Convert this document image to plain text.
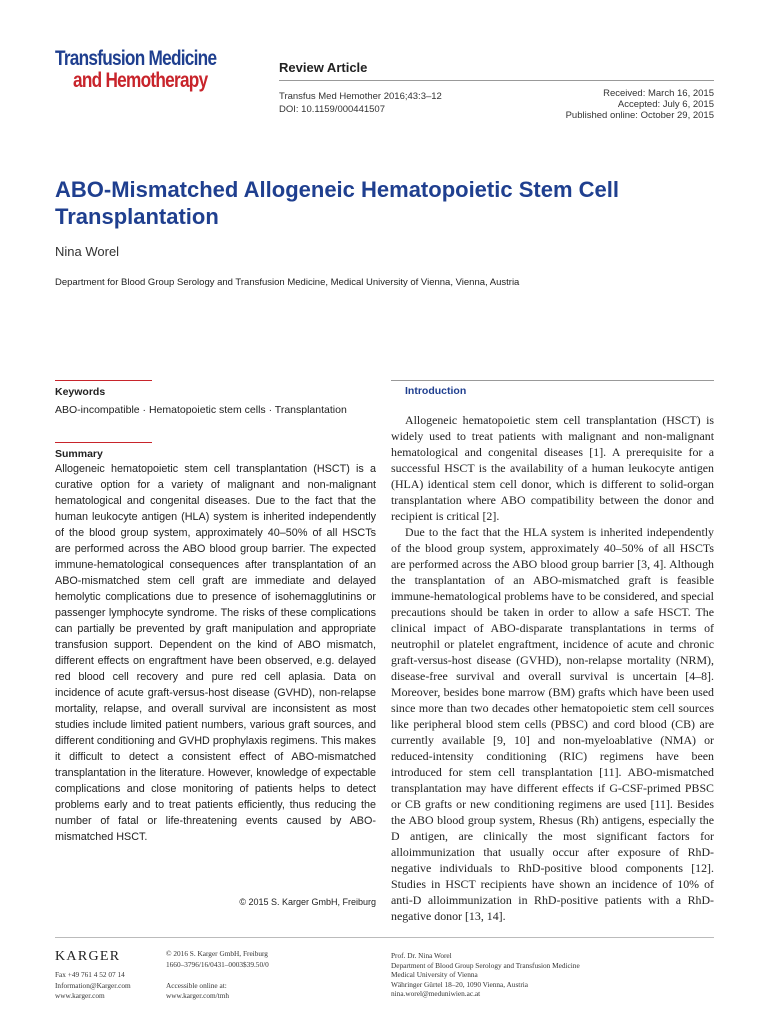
Transfusion Medicine
and Hemotherapy
Review Article
Transfus Med Hemother 2016;43:3–12
DOI: 10.1159/000441507
Received: March 16, 2015
Accepted: July 6, 2015
Published online: October 29, 2015
ABO-Mismatched Allogeneic Hematopoietic Stem Cell Transplantation
Nina Worel
Department for Blood Group Serology and Transfusion Medicine, Medical University of Vienna, Vienna, Austria
Keywords

ABO-incompatible · Hematopoietic stem cells · Transplantation

Summary

Allogeneic hematopoietic stem cell transplantation (HSCT) is a curative option for a variety of malignant and non-malignant hematological and congenital diseases. Due to the fact that the human leukocyte antigen (HLA) system is inherited independently of the blood group system, approximately 40–50% of all HSCTs are performed across the ABO blood group barrier. The expected immune-hematological consequences after transplantation of an ABO-mismatched stem cell graft are immediate and delayed hemolytic complications due to presence of isohemagglutinins or passenger lymphocyte syndrome. The risks of these complications can partially be prevented by graft manipulation and appropriate transfusion support. Dependent on the kind of ABO mismatch, different effects on engraftment have been observed, e.g. delayed red blood cell recovery and pure red cell aplasia. Data on incidence of acute graft-versus-host disease (GVHD), non-relapse mortality, relapse, and overall survival are inconsistent as most studies include limited patient numbers, various graft sources, and different conditioning and GVHD prophylaxis regimens. This makes it difficult to detect a consistent effect of ABO-mismatched transplantation in the literature. However, knowledge of expectable complications and close monitoring of patients helps to detect problems early and to treat patients efficiently, thus reducing the number of fatal or life-threatening events caused by ABO-mismatched HSCT.

© 2015 S. Karger GmbH, Freiburg
Introduction

Allogeneic hematopoietic stem cell transplantation (HSCT) is widely used to treat patients with malignant and non-malignant hematological and congenital diseases [1]. A prerequisite for a successful HSCT is the availability of a human leukocyte antigen (HLA) identical stem cell donor, which is different to solid-organ transplantation where ABO compatibility between the donor and recipient is critical [2].

Due to the fact that the HLA system is inherited independently of the blood group system, approximately 40–50% of all HSCTs are performed across the ABO blood group barrier [3, 4]. Although the transplantation of an ABO-mismatched graft is feasible immune-hematological problems have to be considered, and special precautions should be taken in order to allow a safe HSCT. The clinical impact of ABO-disparate transplantations in terms of neutrophil or platelet engraftment, incidence of acute and chronic graft-versus-host disease (GVHD), non-relapse mortality (NRM), disease-free survival and overall survival is uncertain [4–8]. Moreover, besides bone marrow (BM) grafts which have been used since more than two decades other hematopoietic stem cell sources like peripheral blood stem cells (PBSC) and cord blood (CB) are currently available [9, 10] and non-myeloablative (NMA) or reduced-intensity conditioning (RIC) regimens have been introduced for stem cell transplantation [11]. ABO-mismatched transplantation may have different effects if G-CSF-primed PBSC or CB grafts or new conditioning regimens are used [11]. Besides the ABO blood group system, Rhesus (Rh) antigens, especially the D antigen, are clinically the most significant factors for alloimmunization that usually occur after exposure of RhD-negative individuals to RhD-positive blood components [12]. Studies in HSCT recipients have shown an incidence of 10% of anti-D alloimmunization in RhD-positive patients with a RhD-negative donor [13, 14].

KARGER
Fax +49 761 4 52 07 14
Information@Karger.com
www.karger.com
© 2016 S. Karger GmbH, Freiburg
1660–3796/16/0431–0003$39.50/0
Accessible online at:
www.karger.com/tmh
Prof. Dr. Nina Worel
Department of Blood Group Serology and Transfusion Medicine
Medical University of Vienna
Währinger Gürtel 18–20, 1090 Vienna, Austria
nina.worel@meduniwien.ac.at
